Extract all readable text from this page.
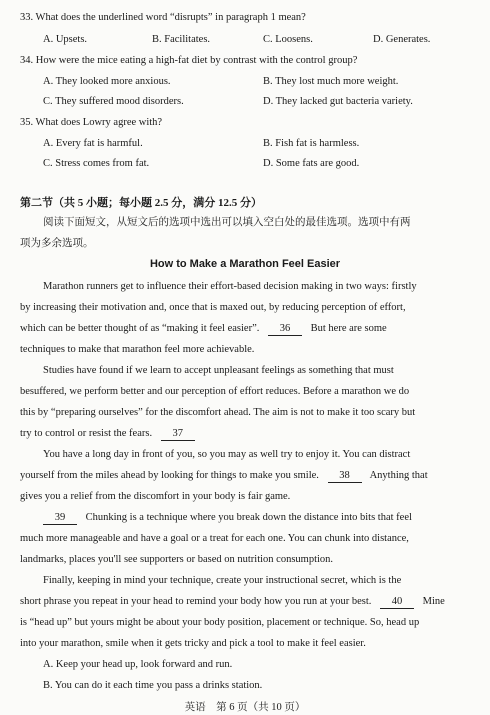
33. What does the underlined word “disrupts” in paragraph 1 mean?
A. Upsets.	B. Facilitates.	C. Loosens.	D. Generates.
34. How were the mice eating a high-fat diet by contrast with the control group?
A. They looked more anxious.	B. They lost much more weight.
C. They suffered mood disorders.	D. They lacked gut bacteria variety.
35. What does Lowry agree with?
A. Every fat is harmful.	B. Fish fat is harmless.
C. Stress comes from fat.	D. Some fats are good.
第二节（共 5 小题；每小题 2.5 分，满分 12.5 分）
阅读下面短文，从短文后的选项中选出可以填入空白处的最佳选项。选项中有两
项为多余选项。
How to Make a Marathon Feel Easier
Marathon runners get to influence their effort-based decision making in two ways: firstly
by increasing their motivation and, once that is maxed out, by reducing perception of effort,
which can be better thought of as “making it feel easier”. 36 But here are some
techniques to make that marathon feel more achievable.
Studies have found if we learn to accept unpleasant feelings as something that must
besuffered, we perform better and our perception of effort reduces. Before a marathon we do
this by “preparing ourselves” for the discomfort ahead. The aim is not to make it too scary but
try to control or resist the fears. 37
You have a long day in front of you, so you may as well try to enjoy it. You can distract
yourself from the miles ahead by looking for things to make you smile. 38 Anything that
gives you a relief from the discomfort in your body is fair game.
39 Chunking is a technique where you break down the distance into bits that feel
much more manageable and have a goal or a treat for each one. You can chunk into distance,
landmarks, places you'll see supporters or based on nutrition consumption.
Finally, keeping in mind your technique, create your instructional secret, which is the
short phrase you repeat in your head to remind your body how you run at your best. 40 Mine
is “head up” but yours might be about your body position, placement or technique. So, head up
into your marathon, smile when it gets tricky and pick a tool to make it feel easier.
A. Keep your head up, look forward and run.
B. You can do it each time you pass a drinks station.
英语　第 6 页（共 10 页）
